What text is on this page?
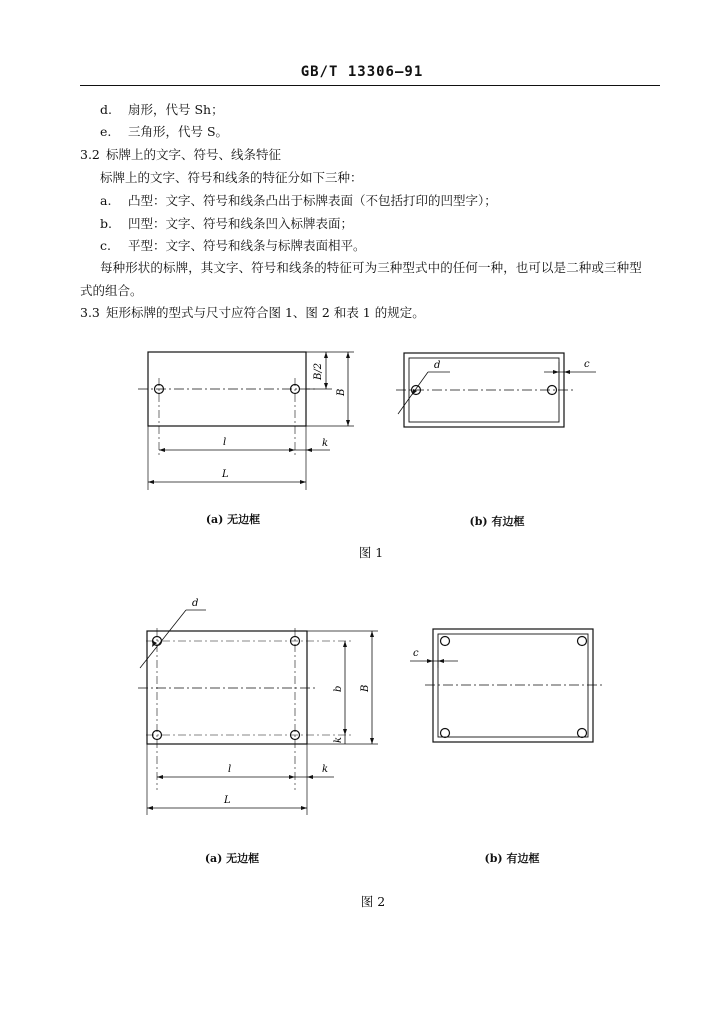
GB/T 13306—91
d. 扇形，代号 Sh；
e. 三角形，代号 S。
3.2 标牌上的文字、符号、线条特征
标牌上的文字、符号和线条的特征分如下三种：
a. 凸型：文字、符号和线条凸出于标牌表面（不包括打印的凹型字）；
b. 凹型：文字、符号和线条凹入标牌表面；
c. 平型：文字、符号和线条与标牌表面相平。
每种形状的标牌，其文字、符号和线条的特征可为三种型式中的任何一种，也可以是二种或三种型
式的组合。
3.3 矩形标牌的型式与尺寸应符合图 1、图 2 和表 1 的规定。
B/2
B
l	k
L
d	c
d
b B
k
l	k
L
c
(a) 无边框	(b) 有边框
图 1
(a) 无边框	(b) 有边框
图 2
